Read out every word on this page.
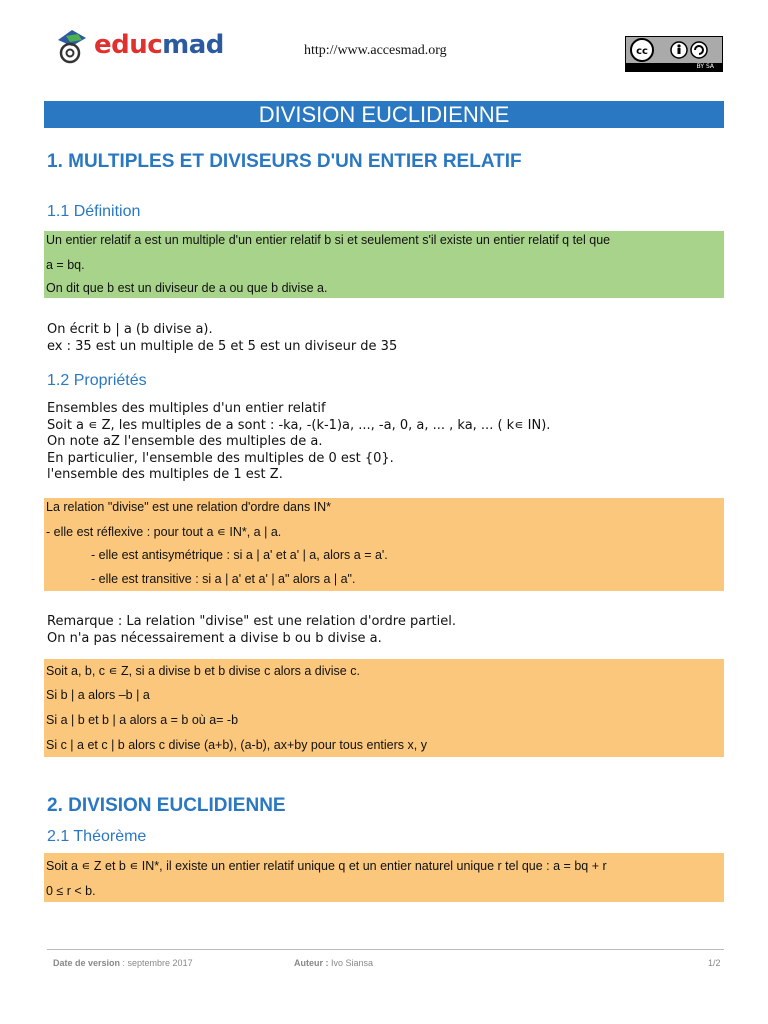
educmad	http://www.accesmad.org	cc
BY SA
DIVISION EUCLIDIENNE
1. MULTIPLES ET DIVISEURS D'UN ENTIER RELATIF
1.1 Définition
Un entier relatif a est un multiple d'un entier relatif b si et seulement s'il existe un entier relatif q tel que
a = bq.
On dit que b est un diviseur de a ou que b divise a.
On écrit b | a (b divise a).
ex : 35 est un multiple de 5 et 5 est un diviseur de 35
1.2 Propriétés
Ensembles des multiples d'un entier relatif
Soit a ∊ Z, les multiples de a sont : -ka, -(k-1)a, ..., -a, 0, a, ... , ka, ... ( k∊ IN).
On note aZ l'ensemble des multiples de a.
En particulier, l'ensemble des multiples de 0 est {0}.
l'ensemble des multiples de 1 est Z.
La relation "divise" est une relation d'ordre dans IN*
- elle est réflexive : pour tout a ∊ IN*, a | a.
- elle est antisymétrique : si a | a' et a' | a, alors a = a'.
- elle est transitive : si a | a' et a' | a" alors a | a".
Remarque : La relation "divise" est une relation d'ordre partiel.
On n'a pas nécessairement a divise b ou b divise a.
Soit a, b, c ∊ Z, si a divise b et b divise c alors a divise c.
Si b | a alors –b | a
Si a | b et b | a alors a = b où a= -b
Si c | a et c | b alors c divise (a+b), (a-b), ax+by pour tous entiers x, y
2. DIVISION EUCLIDIENNE
2.1 Théorème
Soit a ∊ Z et b ∊ IN*, il existe un entier relatif unique q et un entier naturel unique r tel que : a = bq + r
0 ≤ r < b.
Date de version : septembre 2017	Auteur : Ivo Siansa	1/2
